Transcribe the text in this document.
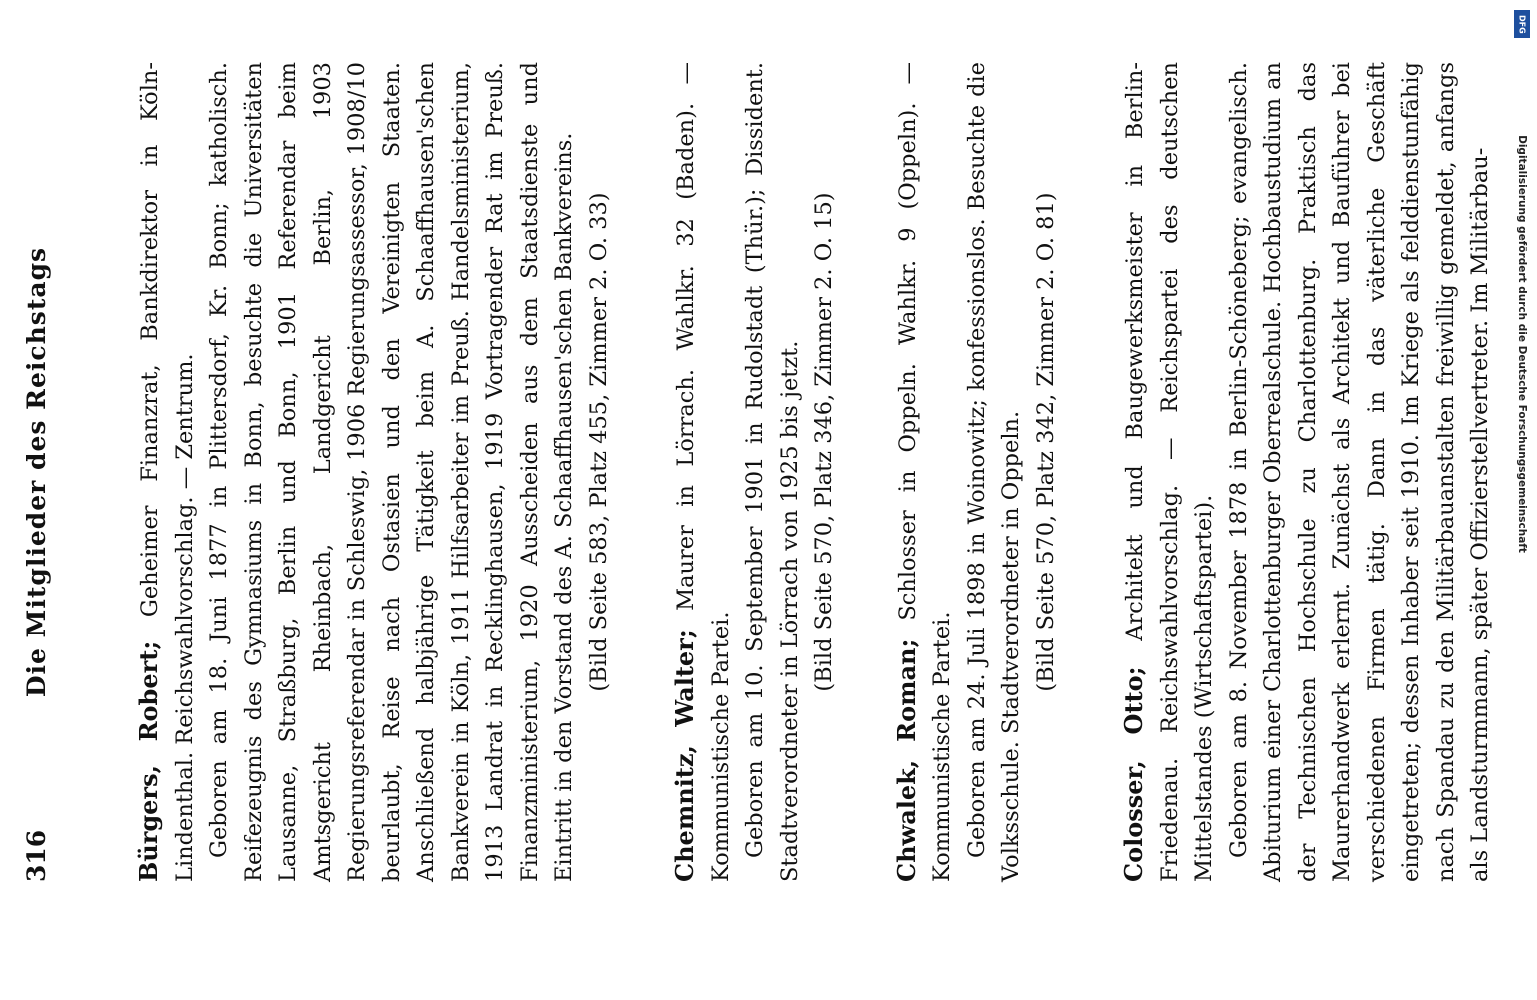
316
Die Mitglieder des Reichstags

Bürgers, Robert; Geheimer Finanzrat, Bankdirektor in Köln-Lindenthal. Reichswahlvorschlag. — Zentrum. Geboren am 18. Juni 1877 in Plittersdorf, Kr. Bonn; katholisch. Reifezeugnis des Gymnasiums in Bonn, besuchte die Universitäten Lausanne, Straßburg, Berlin und Bonn, 1901 Referendar beim Amtsgericht Rheinbach, Landgericht Berlin, 1903 Regierungsreferendar in Schleswig, 1906 Regierungsassessor, 1908/10 beurlaubt, Reise nach Ostasien und den Vereinigten Staaten. Anschließend halbjährige Tätigkeit beim A. Schaaffhausen'schen Bankverein in Köln, 1911 Hilfsarbeiter im Preuß. Handelsministerium, 1913 Landrat in Recklinghausen, 1919 Vortragender Rat im Preuß. Finanzministerium, 1920 Ausscheiden aus dem Staatsdienste und Eintritt in den Vorstand des A. Schaaffhausen'schen Bankvereins. (Bild Seite 583, Platz 455, Zimmer 2. O. 33)

Chemnitz, Walter; Maurer in Lörrach. Wahlkr. 32 (Baden). — Kommunistische Partei. Geboren am 10. September 1901 in Rudolstadt (Thür.); Dissident. Stadtverordneter in Lörrach von 1925 bis jetzt. (Bild Seite 570, Platz 346, Zimmer 2. O. 15)

Chwalek, Roman; Schlosser in Oppeln. Wahlkr. 9 (Oppeln). — Kommunistische Partei. Geboren am 24. Juli 1898 in Woinowitz; konfessionslos. Besuchte die Volksschule. Stadtverordneter in Oppeln. (Bild Seite 570, Platz 342, Zimmer 2. O. 81)

Colosser, Otto; Architekt und Baugewerksmeister in Berlin-Friedenau. Reichswahlvorschlag. — Reichspartei des deutschen Mittelstandes (Wirtschaftspartei). Geboren am 8. November 1878 in Berlin-Schöneberg; evangelisch. Abiturium einer Charlottenburger Oberrealschule. Hochbaustudium an der Technischen Hochschule zu Charlottenburg. Praktisch das Maurerhandwerk erlernt. Zunächst als Architekt und Bauführer bei verschiedenen Firmen tätig. Dann in das väterliche Geschäft eingetreten; dessen Inhaber seit 1910. Im Kriege als felddienstunfähig nach Spandau zu den Militärbauanstalten freiwillig gemeldet, anfangs als Landsturmmann, später Offizierstellvertreter. Im Militärbau-

DFG
Digitalisierung gefördert durch die Deutsche Forschungsgemeinschaft
